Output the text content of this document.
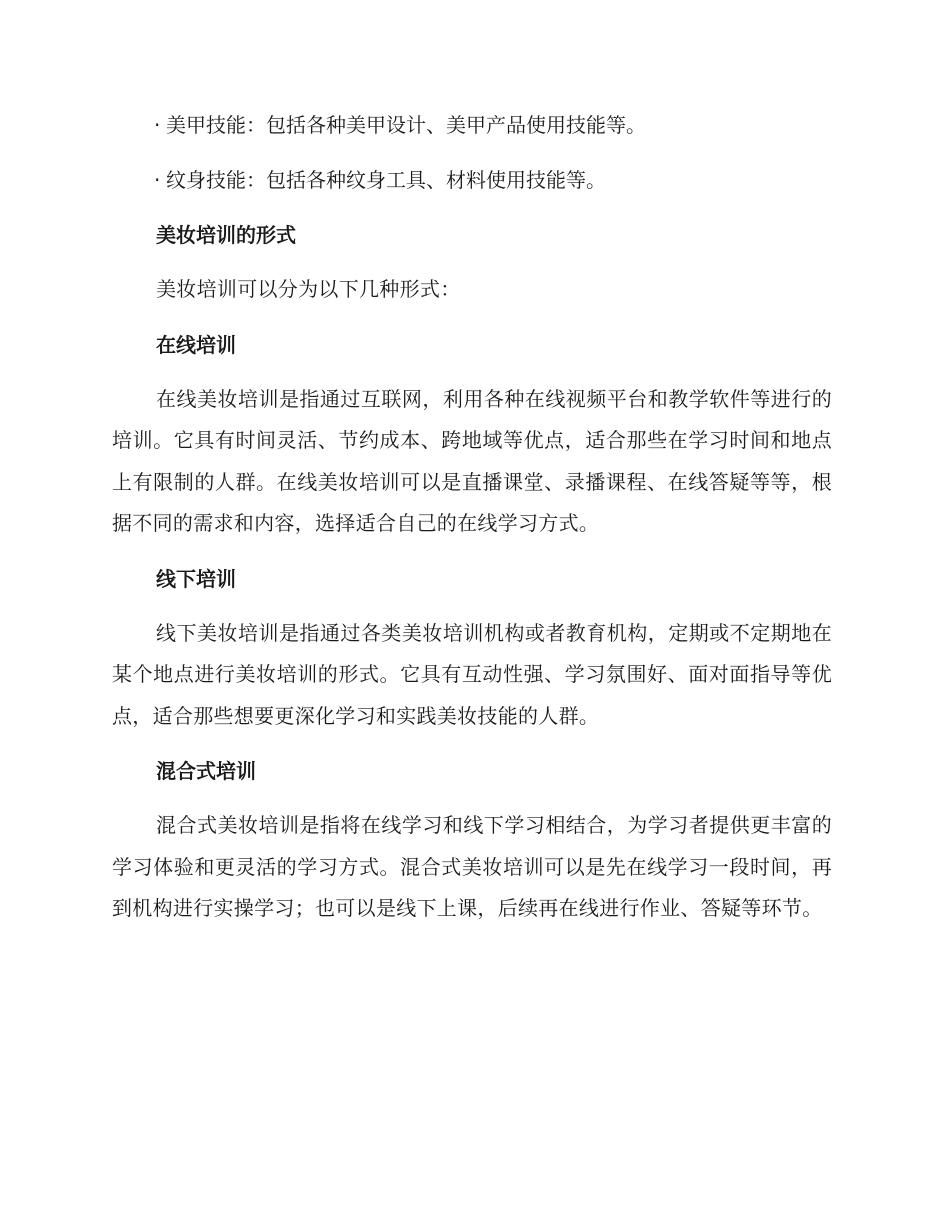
· 美甲技能：包括各种美甲设计、美甲产品使用技能等。
· 纹身技能：包括各种纹身工具、材料使用技能等。
美妆培训的形式
美妆培训可以分为以下几种形式：
在线培训
在线美妆培训是指通过互联网，利用各种在线视频平台和教学软件等进行的培训。它具有时间灵活、节约成本、跨地域等优点，适合那些在学习时间和地点上有限制的人群。在线美妆培训可以是直播课堂、录播课程、在线答疑等等，根据不同的需求和内容，选择适合自己的在线学习方式。
线下培训
线下美妆培训是指通过各类美妆培训机构或者教育机构，定期或不定期地在某个地点进行美妆培训的形式。它具有互动性强、学习氛围好、面对面指导等优点，适合那些想要更深化学习和实践美妆技能的人群。
混合式培训
混合式美妆培训是指将在线学习和线下学习相结合，为学习者提供更丰富的学习体验和更灵活的学习方式。混合式美妆培训可以是先在线学习一段时间，再到机构进行实操学习；也可以是线下上课，后续再在线进行作业、答疑等环节。
